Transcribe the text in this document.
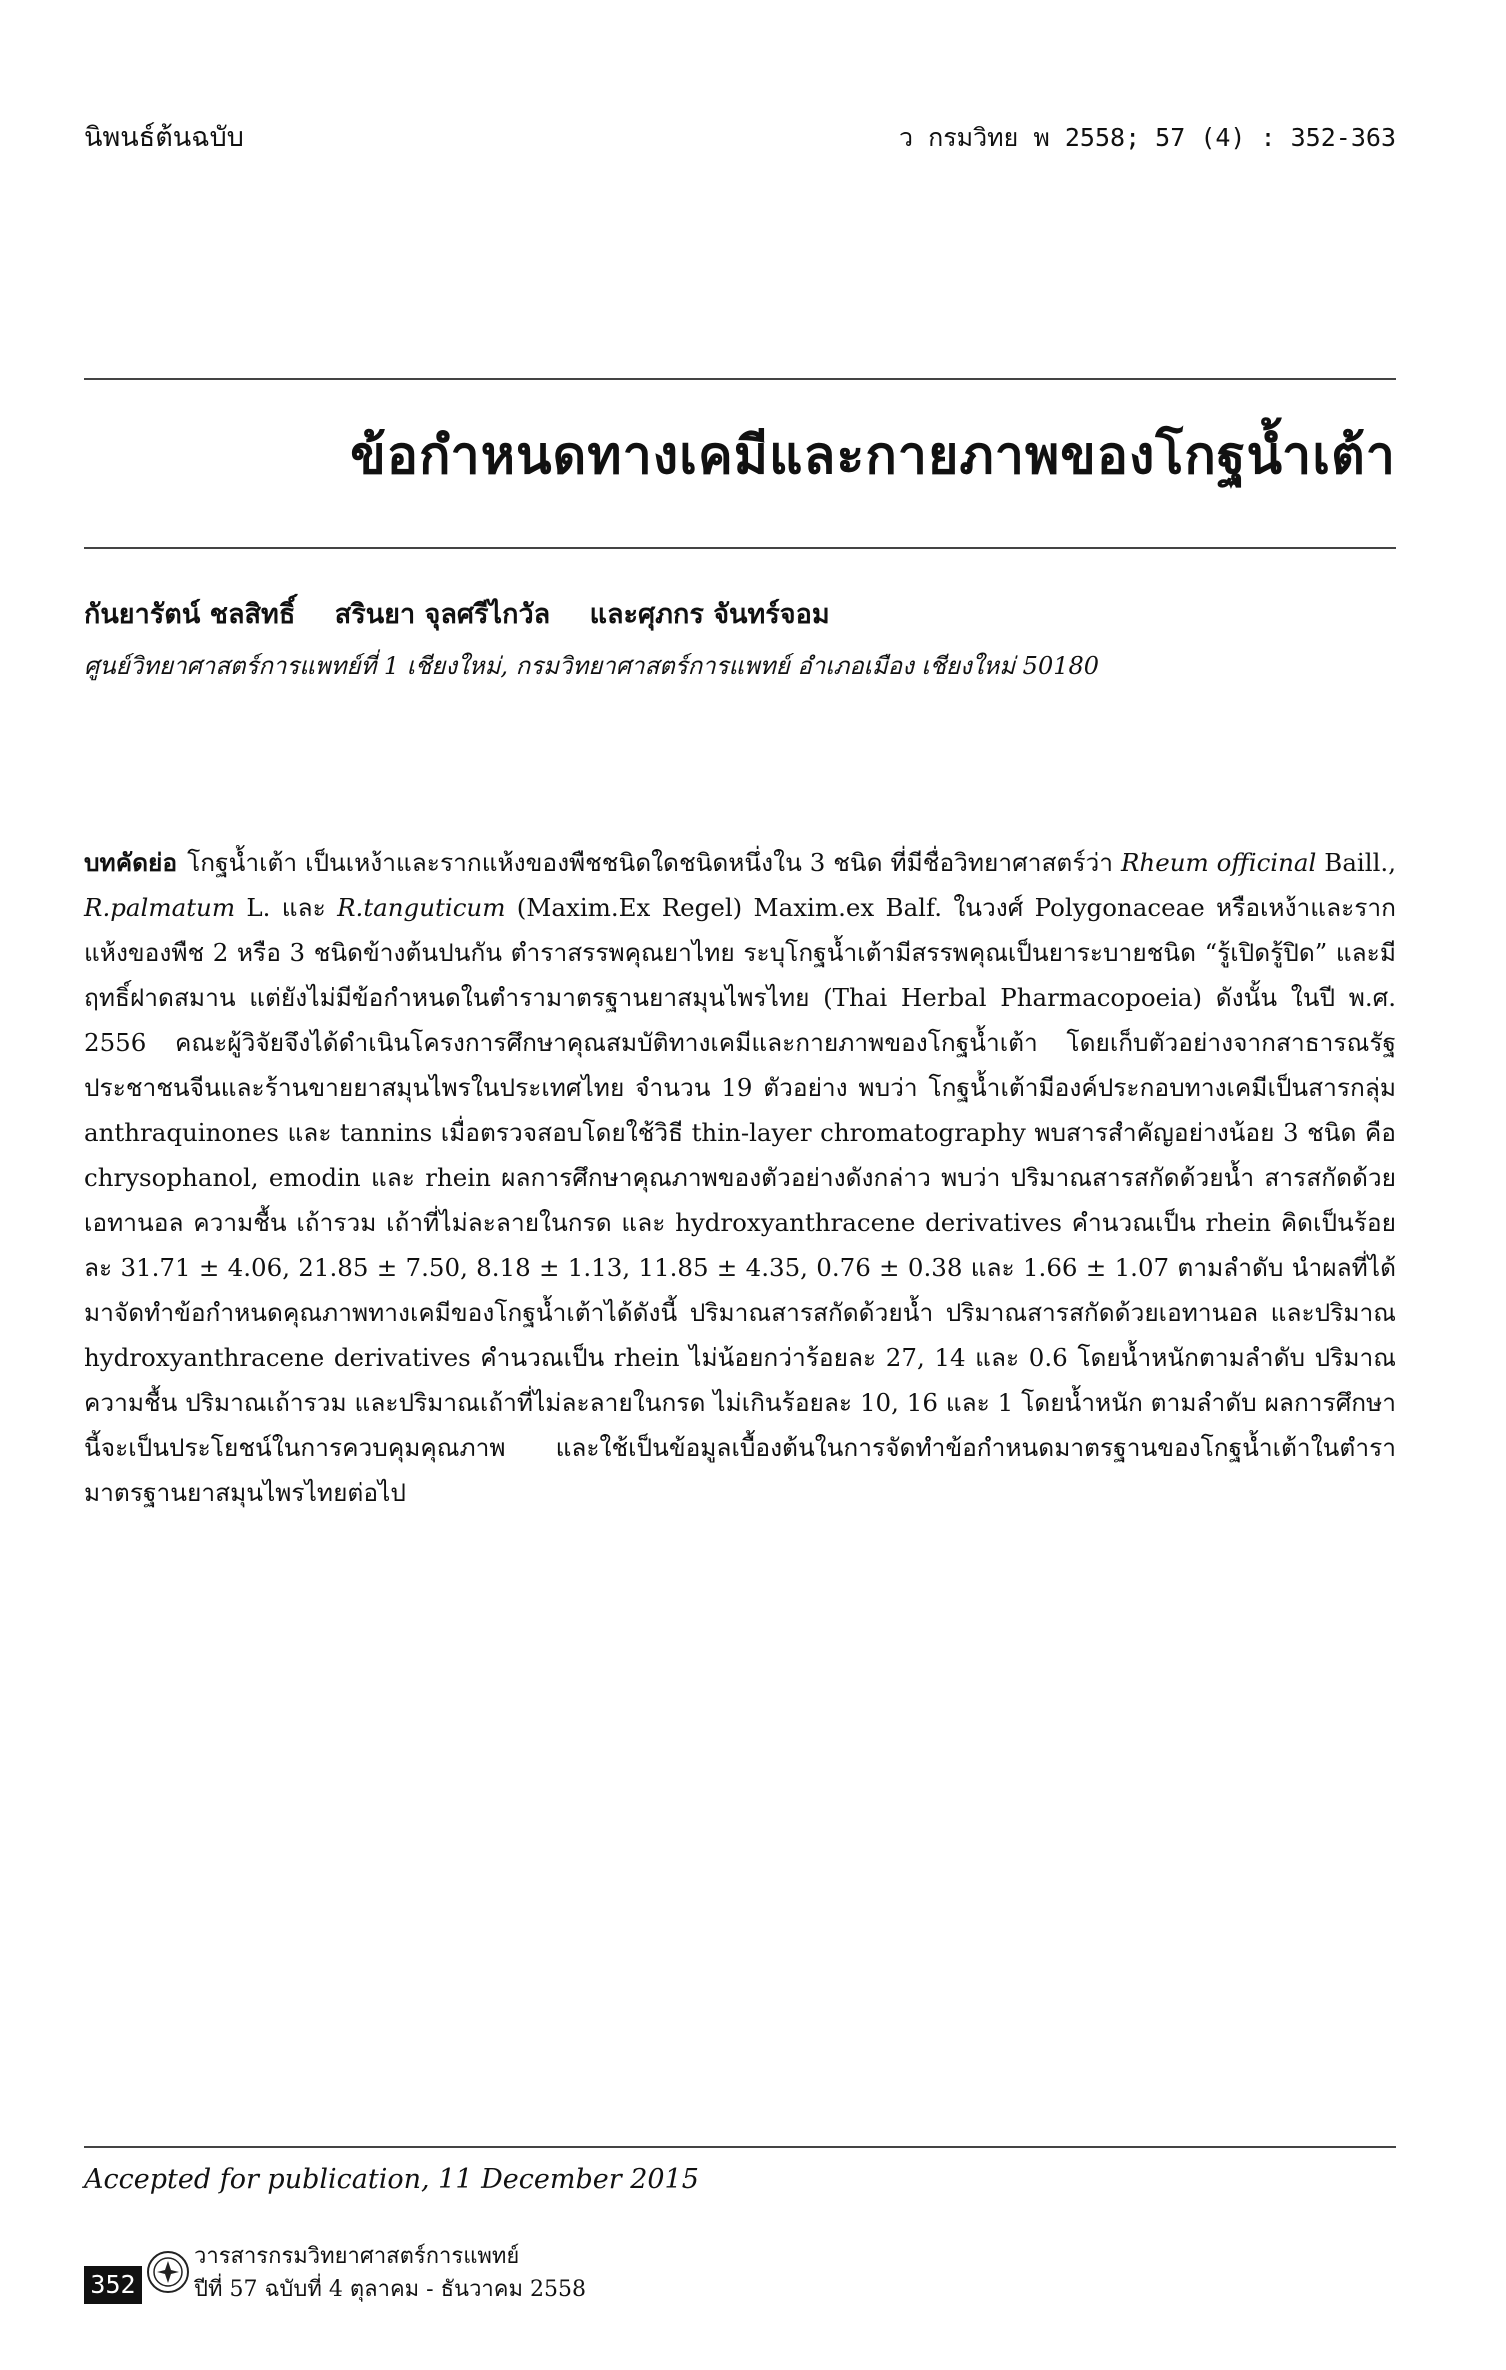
นิพนธ์ต้นฉบับ	ว กรมวิทย พ 2558; 57 (4) : 352-363
ข้อกำหนดทางเคมีและกายภาพของโกฐน้ำเต้า
กันยารัตน์ ชลสิทธิ์ สรินยา จุลศรีไกวัล และศุภกร จันทร์จอม
ศูนย์วิทยาศาสตร์การแพทย์ที่ 1 เชียงใหม่, กรมวิทยาศาสตร์การแพทย์ อำเภอเมือง เชียงใหม่ 50180

บทคัดย่อ โกฐน้ำเต้า เป็นเหง้าและรากแห้งของพืชชนิดใดชนิดหนึ่งใน 3 ชนิด ที่มีชื่อวิทยาศาสตร์ว่า Rheum officinal Baill., R.palmatum L. และ R.tanguticum (Maxim.Ex Regel) Maxim.ex Balf. ในวงศ์ Polygonaceae หรือเหง้าและรากแห้งของพืช 2 หรือ 3 ชนิดข้างต้นปนกัน ตำราสรรพคุณยาไทย ระบุโกฐน้ำเต้ามีสรรพคุณเป็นยาระบายชนิด “รู้เปิดรู้ปิด” และมีฤทธิ์ฝาดสมาน แต่ยังไม่มีข้อกำหนดในตำรามาตรฐานยาสมุนไพรไทย (Thai Herbal Pharmacopoeia) ดังนั้น ในปี พ.ศ. 2556 คณะผู้วิจัยจึงได้ดำเนินโครงการศึกษาคุณสมบัติทางเคมีและกายภาพของโกฐน้ำเต้า โดยเก็บตัวอย่างจากสาธารณรัฐประชาชนจีนและร้านขายยาสมุนไพรในประเทศไทย จำนวน 19 ตัวอย่าง พบว่า โกฐน้ำเต้ามีองค์ประกอบทางเคมีเป็นสารกลุ่ม anthraquinones และ tannins เมื่อตรวจสอบโดยใช้วิธี thin-layer chromatography พบสารสำคัญอย่างน้อย 3 ชนิด คือ chrysophanol, emodin และ rhein ผลการศึกษาคุณภาพของตัวอย่างดังกล่าว พบว่า ปริมาณสารสกัดด้วยน้ำ สารสกัดด้วยเอทานอล ความชื้น เถ้ารวม เถ้าที่ไม่ละลายในกรด และ hydroxyanthracene derivatives คำนวณเป็น rhein คิดเป็นร้อยละ 31.71 ± 4.06, 21.85 ± 7.50, 8.18 ± 1.13, 11.85 ± 4.35, 0.76 ± 0.38 และ 1.66 ± 1.07 ตามลำดับ นำผลที่ได้มาจัดทำข้อกำหนดคุณภาพทางเคมีของโกฐน้ำเต้าได้ดังนี้ ปริมาณสารสกัดด้วยน้ำ ปริมาณสารสกัดด้วยเอทานอล และปริมาณ hydroxyanthracene derivatives คำนวณเป็น rhein ไม่น้อยกว่าร้อยละ 27, 14 และ 0.6 โดยน้ำหนักตามลำดับ ปริมาณความชื้น ปริมาณเถ้ารวม และปริมาณเถ้าที่ไม่ละลายในกรด ไม่เกินร้อยละ 10, 16 และ 1 โดยน้ำหนัก ตามลำดับ ผลการศึกษานี้จะเป็นประโยชน์ในการควบคุมคุณภาพ และใช้เป็นข้อมูลเบื้องต้นในการจัดทำข้อกำหนดมาตรฐานของโกฐน้ำเต้าในตำรามาตรฐานยาสมุนไพรไทยต่อไป

Accepted for publication, 11 December 2015
352
วารสารกรมวิทยาศาสตร์การแพทย์
ปีที่ 57 ฉบับที่ 4 ตุลาคม - ธันวาคม 2558
